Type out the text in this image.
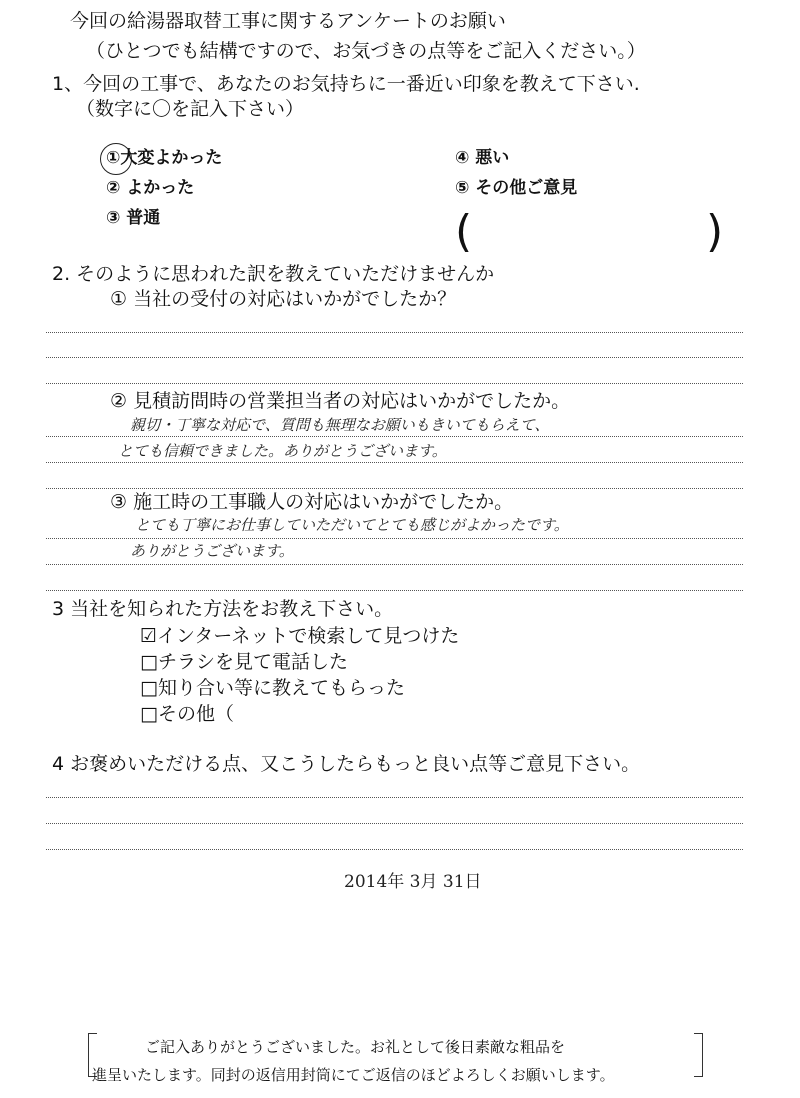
今回の給湯器取替工事に関するアンケートのお願い
（ひとつでも結構ですので、お気づきの点等をご記入ください。）
1、今回の工事で、あなたのお気持ちに一番近い印象を教えて下さい.
（数字に〇を記入下さい）
①大変よかった
② よかった
③ 普通
④ 悪い
⑤ その他ご意見
(	)
2. そのように思われた訳を教えていただけませんか
① 当社の受付の対応はいかがでしたか？
② 見積訪問時の営業担当者の対応はいかがでしたか。
親切・丁寧な対応で、質問も無理なお願いもきいてもらえて、
とても信頼できました。ありがとうございます。
③ 施工時の工事職人の対応はいかがでしたか。
とても丁寧にお仕事していただいてとても感じがよかったです。
ありがとうございます。
3 当社を知られた方法をお教え下さい。
☑インターネットで検索して見つけた
□チラシを見て電話した
□知り合い等に教えてもらった
□その他（
4 お褒めいただける点、又こうしたらもっと良い点等ご意見下さい。
2014年 3月 31日
ご記入ありがとうございました。お礼として後日素敵な粗品を
進呈いたします。同封の返信用封筒にてご返信のほどよろしくお願いします。
